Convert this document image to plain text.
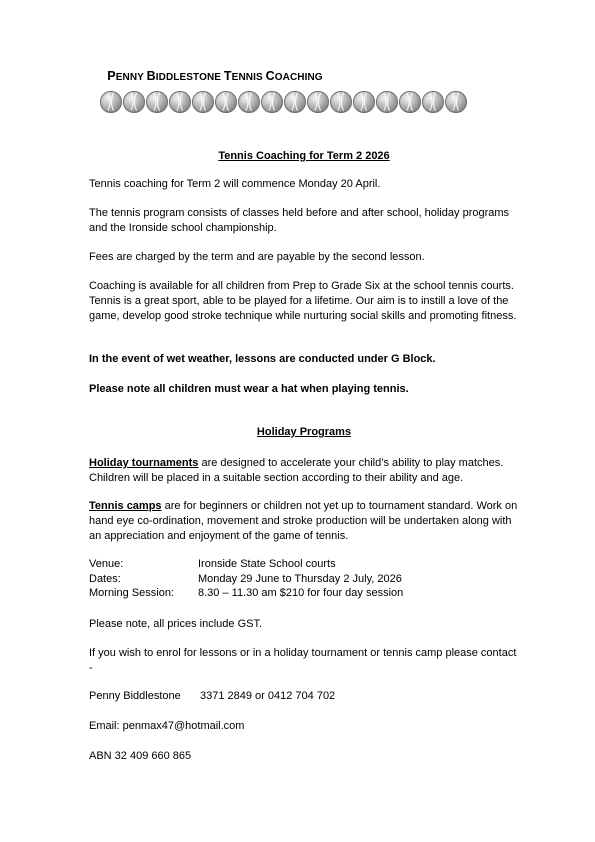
PENNY BIDDLESTONE TENNIS COACHING
Tennis Coaching for Term 2 2026

Tennis coaching for Term 2 will commence Monday 20 April.

The tennis program consists of classes held before and after school, holiday programs and the Ironside school championship.

Fees are charged by the term and are payable by the second lesson.

Coaching is available for all children from Prep to Grade Six at the school tennis courts. Tennis is a great sport, able to be played for a lifetime. Our aim is to instill a love of the game, develop good stroke technique while nurturing social skills and promoting fitness.

In the event of wet weather, lessons are conducted under G Block.

Please note all children must wear a hat when playing tennis.

Holiday Programs

Holiday tournaments are designed to accelerate your child’s ability to play matches. Children will be placed in a suitable section according to their ability and age.

Tennis camps are for beginners or children not yet up to tournament standard. Work on hand eye co-ordination, movement and stroke production will be undertaken along with an appreciation and enjoyment of the game of tennis.

Venue:	Ironside State School courts
Dates:	Monday 29 June to Thursday 2 July, 2026
Morning Session: 8.30 – 11.30 am $210 for four day session

Please note, all prices include GST.

If you wish to enrol for lessons or in a holiday tournament or tennis camp please contact -

Penny Biddlestone 3371 2849 or 0412 704 702

Email: penmax47@hotmail.com

ABN 32 409 660 865
